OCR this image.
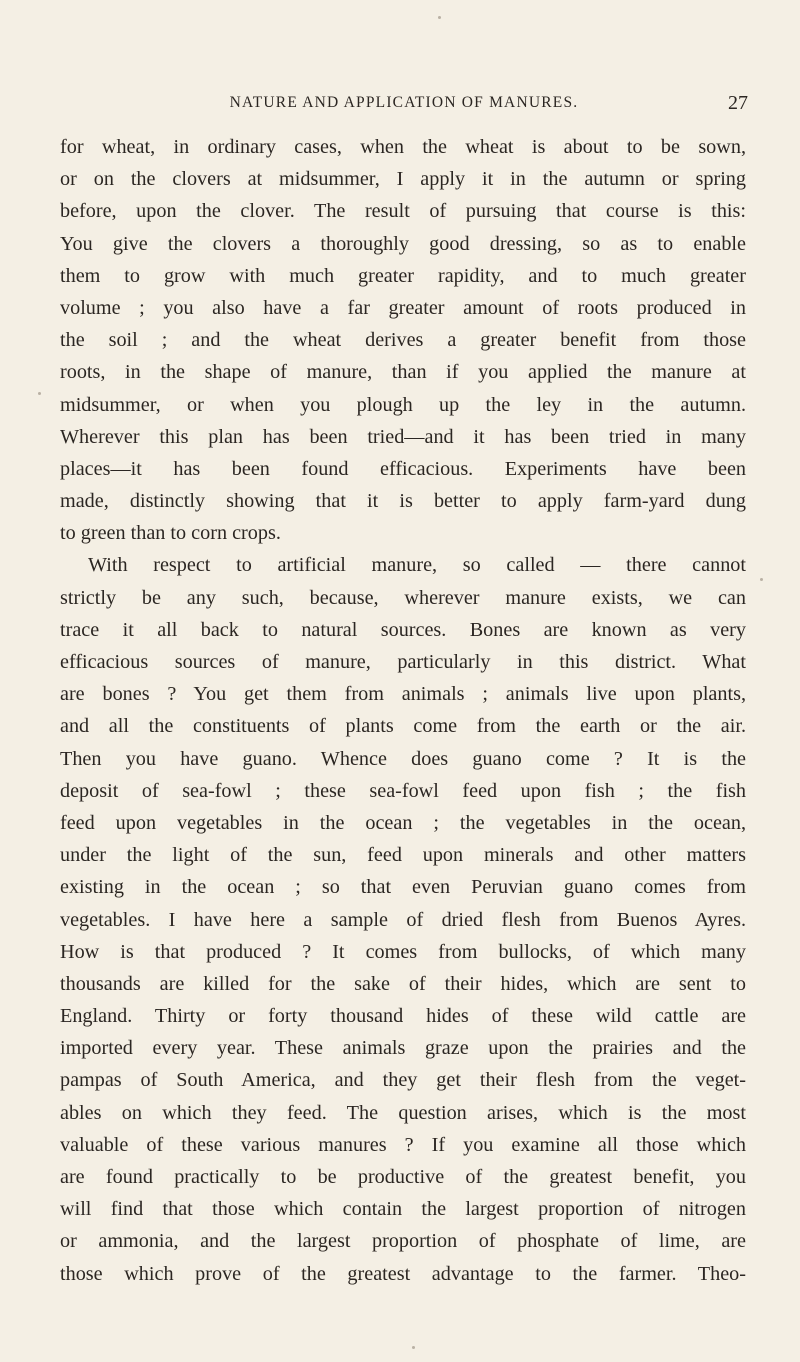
NATURE AND APPLICATION OF MANURES.	27
for wheat, in ordinary cases, when the wheat is about to be sown,
or on the clovers at midsummer, I apply it in the autumn or spring
before, upon the clover. The result of pursuing that course is this:
You give the clovers a thoroughly good dressing, so as to enable
them to grow with much greater rapidity, and to much greater
volume ; you also have a far greater amount of roots produced in
the soil ; and the wheat derives a greater benefit from those
roots, in the shape of manure, than if you applied the manure at
midsummer, or when you plough up the ley in the autumn.
Wherever this plan has been tried—and it has been tried in many
places—it has been found efficacious. Experiments have been
made, distinctly showing that it is better to apply farm-yard dung
to green than to corn crops.
With respect to artificial manure, so called — there cannot
strictly be any such, because, wherever manure exists, we can
trace it all back to natural sources. Bones are known as very
efficacious sources of manure, particularly in this district. What
are bones ? You get them from animals ; animals live upon plants,
and all the constituents of plants come from the earth or the air.
Then you have guano. Whence does guano come ? It is the
deposit of sea-fowl ; these sea-fowl feed upon fish ; the fish
feed upon vegetables in the ocean ; the vegetables in the ocean,
under the light of the sun, feed upon minerals and other matters
existing in the ocean ; so that even Peruvian guano comes from
vegetables. I have here a sample of dried flesh from Buenos Ayres.
How is that produced ? It comes from bullocks, of which many
thousands are killed for the sake of their hides, which are sent to
England. Thirty or forty thousand hides of these wild cattle are
imported every year. These animals graze upon the prairies and the
pampas of South America, and they get their flesh from the veget-
ables on which they feed. The question arises, which is the most
valuable of these various manures ? If you examine all those which
are found practically to be productive of the greatest benefit, you
will find that those which contain the largest proportion of nitrogen
or ammonia, and the largest proportion of phosphate of lime, are
those which prove of the greatest advantage to the farmer. Theo-
